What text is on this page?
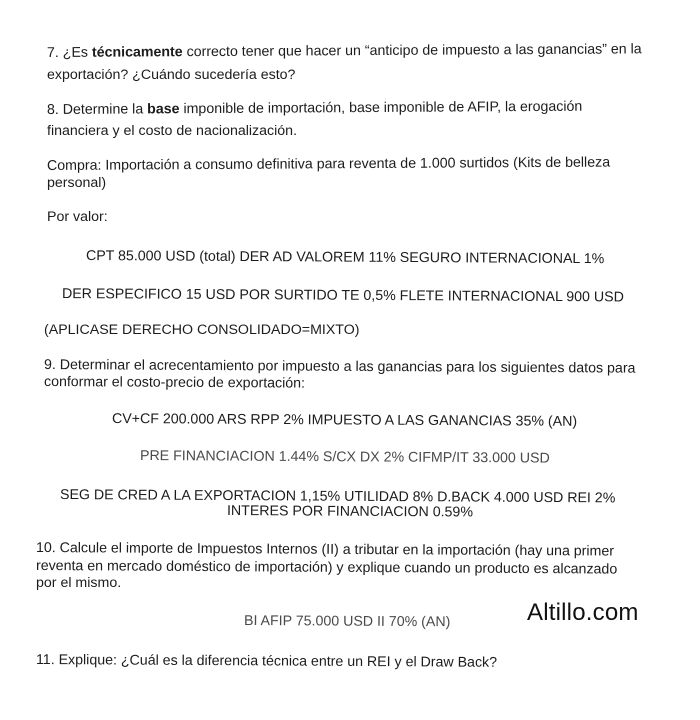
7. ¿Es técnicamente correcto tener que hacer un “anticipo de impuesto a las ganancias” en la
exportación? ¿Cuándo sucedería esto?
8. Determine la base imponible de importación, base imponible de AFIP, la erogación
financiera y el costo de nacionalización.
Compra: Importación a consumo definitiva para reventa de 1.000 surtidos (Kits de belleza
personal)
Por valor:
CPT 85.000 USD (total) DER AD VALOREM 11% SEGURO INTERNACIONAL 1%
DER ESPECIFICO 15 USD POR SURTIDO TE 0,5% FLETE INTERNACIONAL 900 USD
(APLICASE DERECHO CONSOLIDADO=MIXTO)
9. Determinar el acrecentamiento por impuesto a las ganancias para los siguientes datos para
conformar el costo-precio de exportación:
CV+CF 200.000 ARS RPP 2% IMPUESTO A LAS GANANCIAS 35% (AN)
PRE FINANCIACION 1.44% S/CX DX 2% CIFMP/IT 33.000 USD
SEG DE CRED A LA EXPORTACION 1,15% UTILIDAD 8% D.BACK 4.000 USD REI 2%
INTERES POR FINANCIACION 0.59%
10. Calcule el importe de Impuestos Internos (II) a tributar en la importación (hay una primer
reventa en mercado doméstico de importación) y explique cuando un producto es alcanzado
por el mismo.
BI AFIP 75.000 USD II 70% (AN)	Altillo.com
11. Explique: ¿Cuál es la diferencia técnica entre un REI y el Draw Back?
